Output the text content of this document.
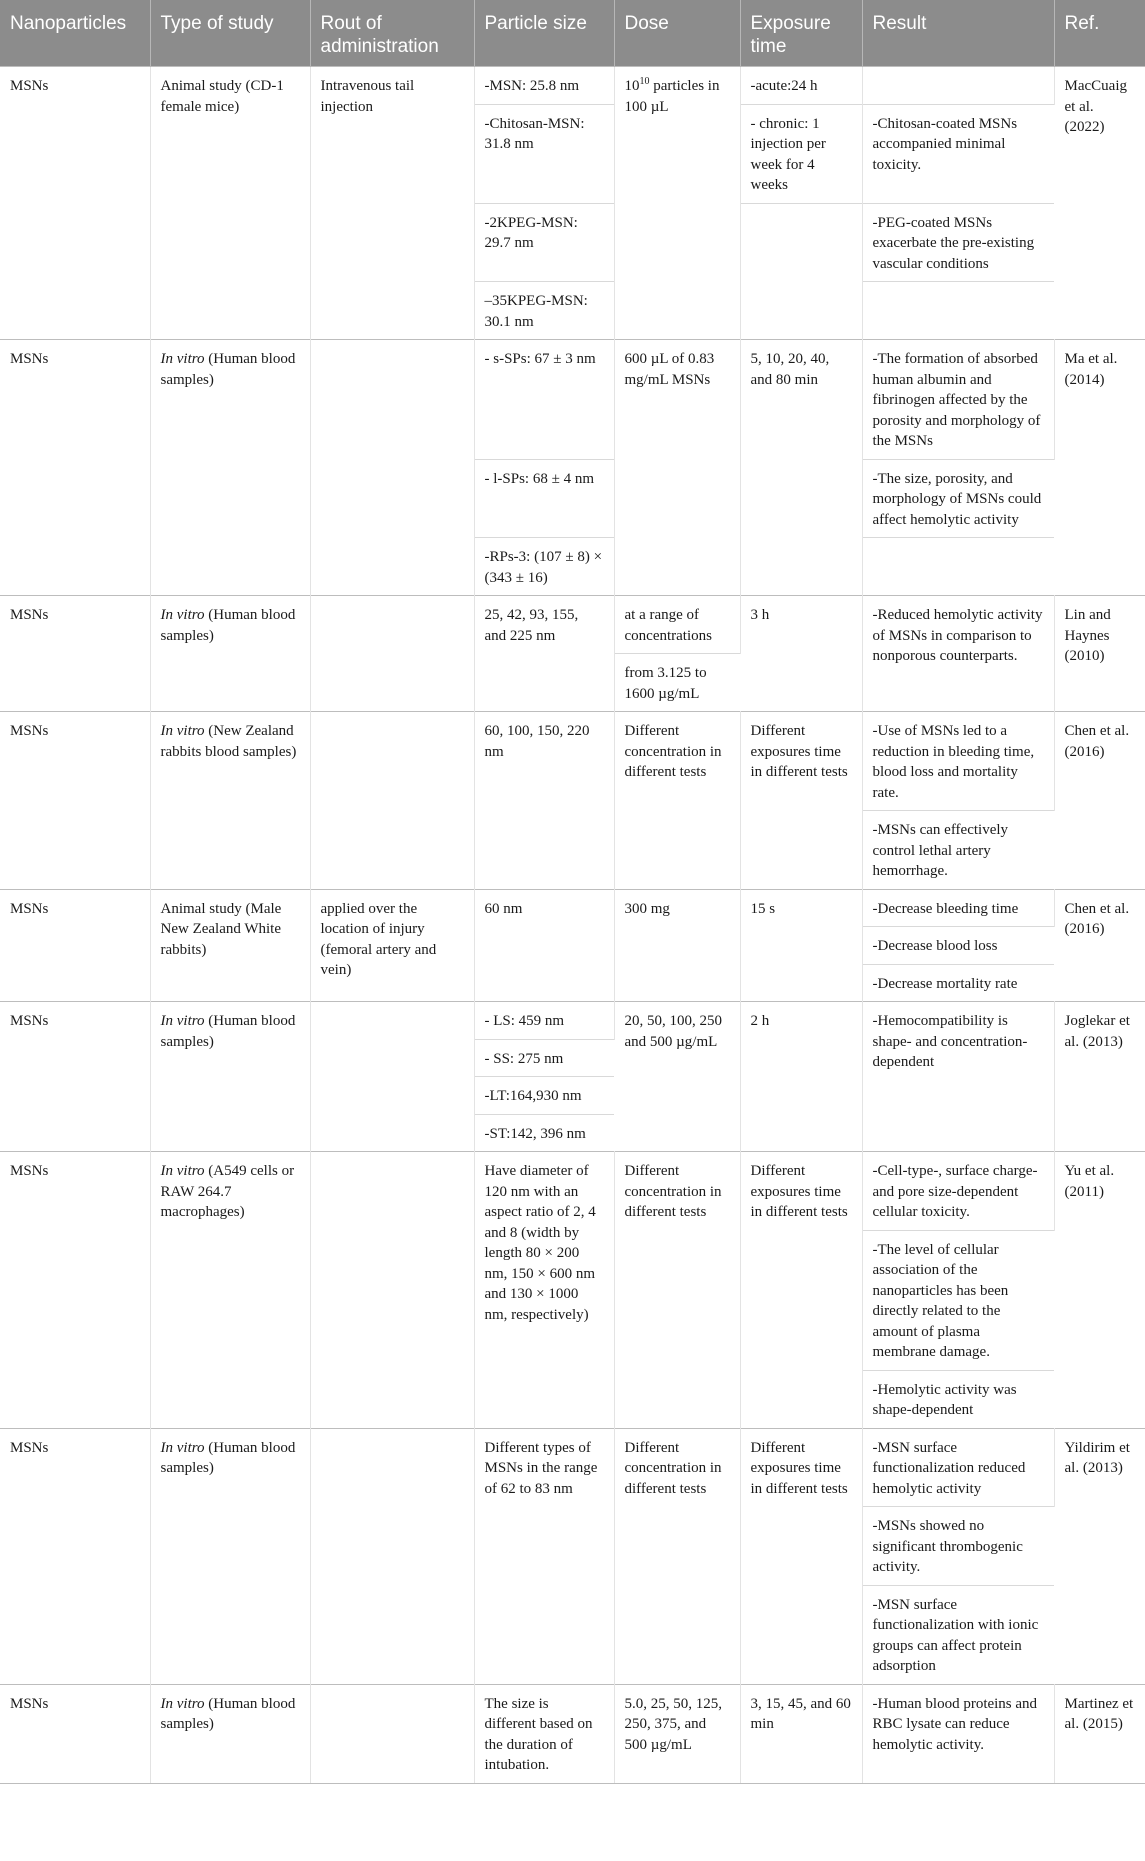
Nanoparticles	Type of study	Rout of administration	Particle size	Dose	Exposure time	Result	Ref.
MSNs	Animal study (CD-1 female mice)	Intravenous tail injection	-MSN: 25.8 nm	$10^{10}$ particles in 100 µL	-acute:24 h		MacCuaig et al. (2022)
			-Chitosan-MSN: 31.8 nm		- chronic: 1 injection per week for 4 weeks	-Chitosan-coated MSNs accompanied minimal toxicity.	
			-2KPEG-MSN: 29.7 nm			-PEG-coated MSNs exacerbate the pre-existing vascular conditions	
			–35KPEG-MSN: 30.1 nm				
MSNs	In vitro (Human blood samples)		- s-SPs: 67 ± 3 nm	600 µL of 0.83 mg/mL MSNs	5, 10, 20, 40, and 80 min	-The formation of absorbed human albumin and fibrinogen affected by the porosity and morphology of the MSNs	Ma et al. (2014)
			- l-SPs: 68 ± 4 nm			-The size, porosity, and morphology of MSNs could affect hemolytic activity	
			-RPs-3: (107 ± 8) × (343 ± 16)				
MSNs	In vitro (Human blood samples)		25, 42, 93, 155, and 225 nm	at a range of concentrations	3 h	-Reduced hemolytic activity of MSNs in comparison to nonporous counterparts.	Lin and Haynes (2010)
				from 3.125 to 1600 µg/mL			
MSNs	In vitro (New Zealand rabbits blood samples)		60, 100, 150, 220 nm	Different concentration in different tests	Different exposures time in different tests	-Use of MSNs led to a reduction in bleeding time, blood loss and mortality rate.	Chen et al. (2016)
						-MSNs can effectively control lethal artery hemorrhage.	
MSNs	Animal study (Male New Zealand White rabbits)	applied over the location of injury (femoral artery and vein)	60 nm	300 mg	15 s	-Decrease bleeding time	Chen et al. (2016)
						-Decrease blood loss	
						-Decrease mortality rate	
MSNs	In vitro (Human blood samples)		- LS: 459 nm	20, 50, 100, 250 and 500 µg/mL	2 h	-Hemocompatibility is shape- and concentration-dependent	Joglekar et al. (2013)
			- SS: 275 nm				
			-LT:164,930 nm				
			-ST:142, 396 nm				
MSNs	In vitro (A549 cells or RAW 264.7 macrophages)		Have diameter of 120 nm with an aspect ratio of 2, 4 and 8 (width by length 80 × 200 nm, 150 × 600 nm and 130 × 1000 nm, respectively)	Different concentration in different tests	Different exposures time in different tests	-Cell-type-, surface charge- and pore size-dependent cellular toxicity.	Yu et al. (2011)
						-The level of cellular association of the nanoparticles has been directly related to the amount of plasma membrane damage.	
						-Hemolytic activity was shape-dependent	
MSNs	In vitro (Human blood samples)		Different types of MSNs in the range of 62 to 83 nm	Different concentration in different tests	Different exposures time in different tests	-MSN surface functionalization reduced hemolytic activity	Yildirim et al. (2013)
						-MSNs showed no significant thrombogenic activity.	
						-MSN surface functionalization with ionic groups can affect protein adsorption	
MSNs	In vitro (Human blood samples)		The size is different based on the duration of intubation.	5.0, 25, 50, 125, 250, 375, and 500 µg/mL	3, 15, 45, and 60 min	-Human blood proteins and RBC lysate can reduce hemolytic activity.	Martinez et al. (2015)
